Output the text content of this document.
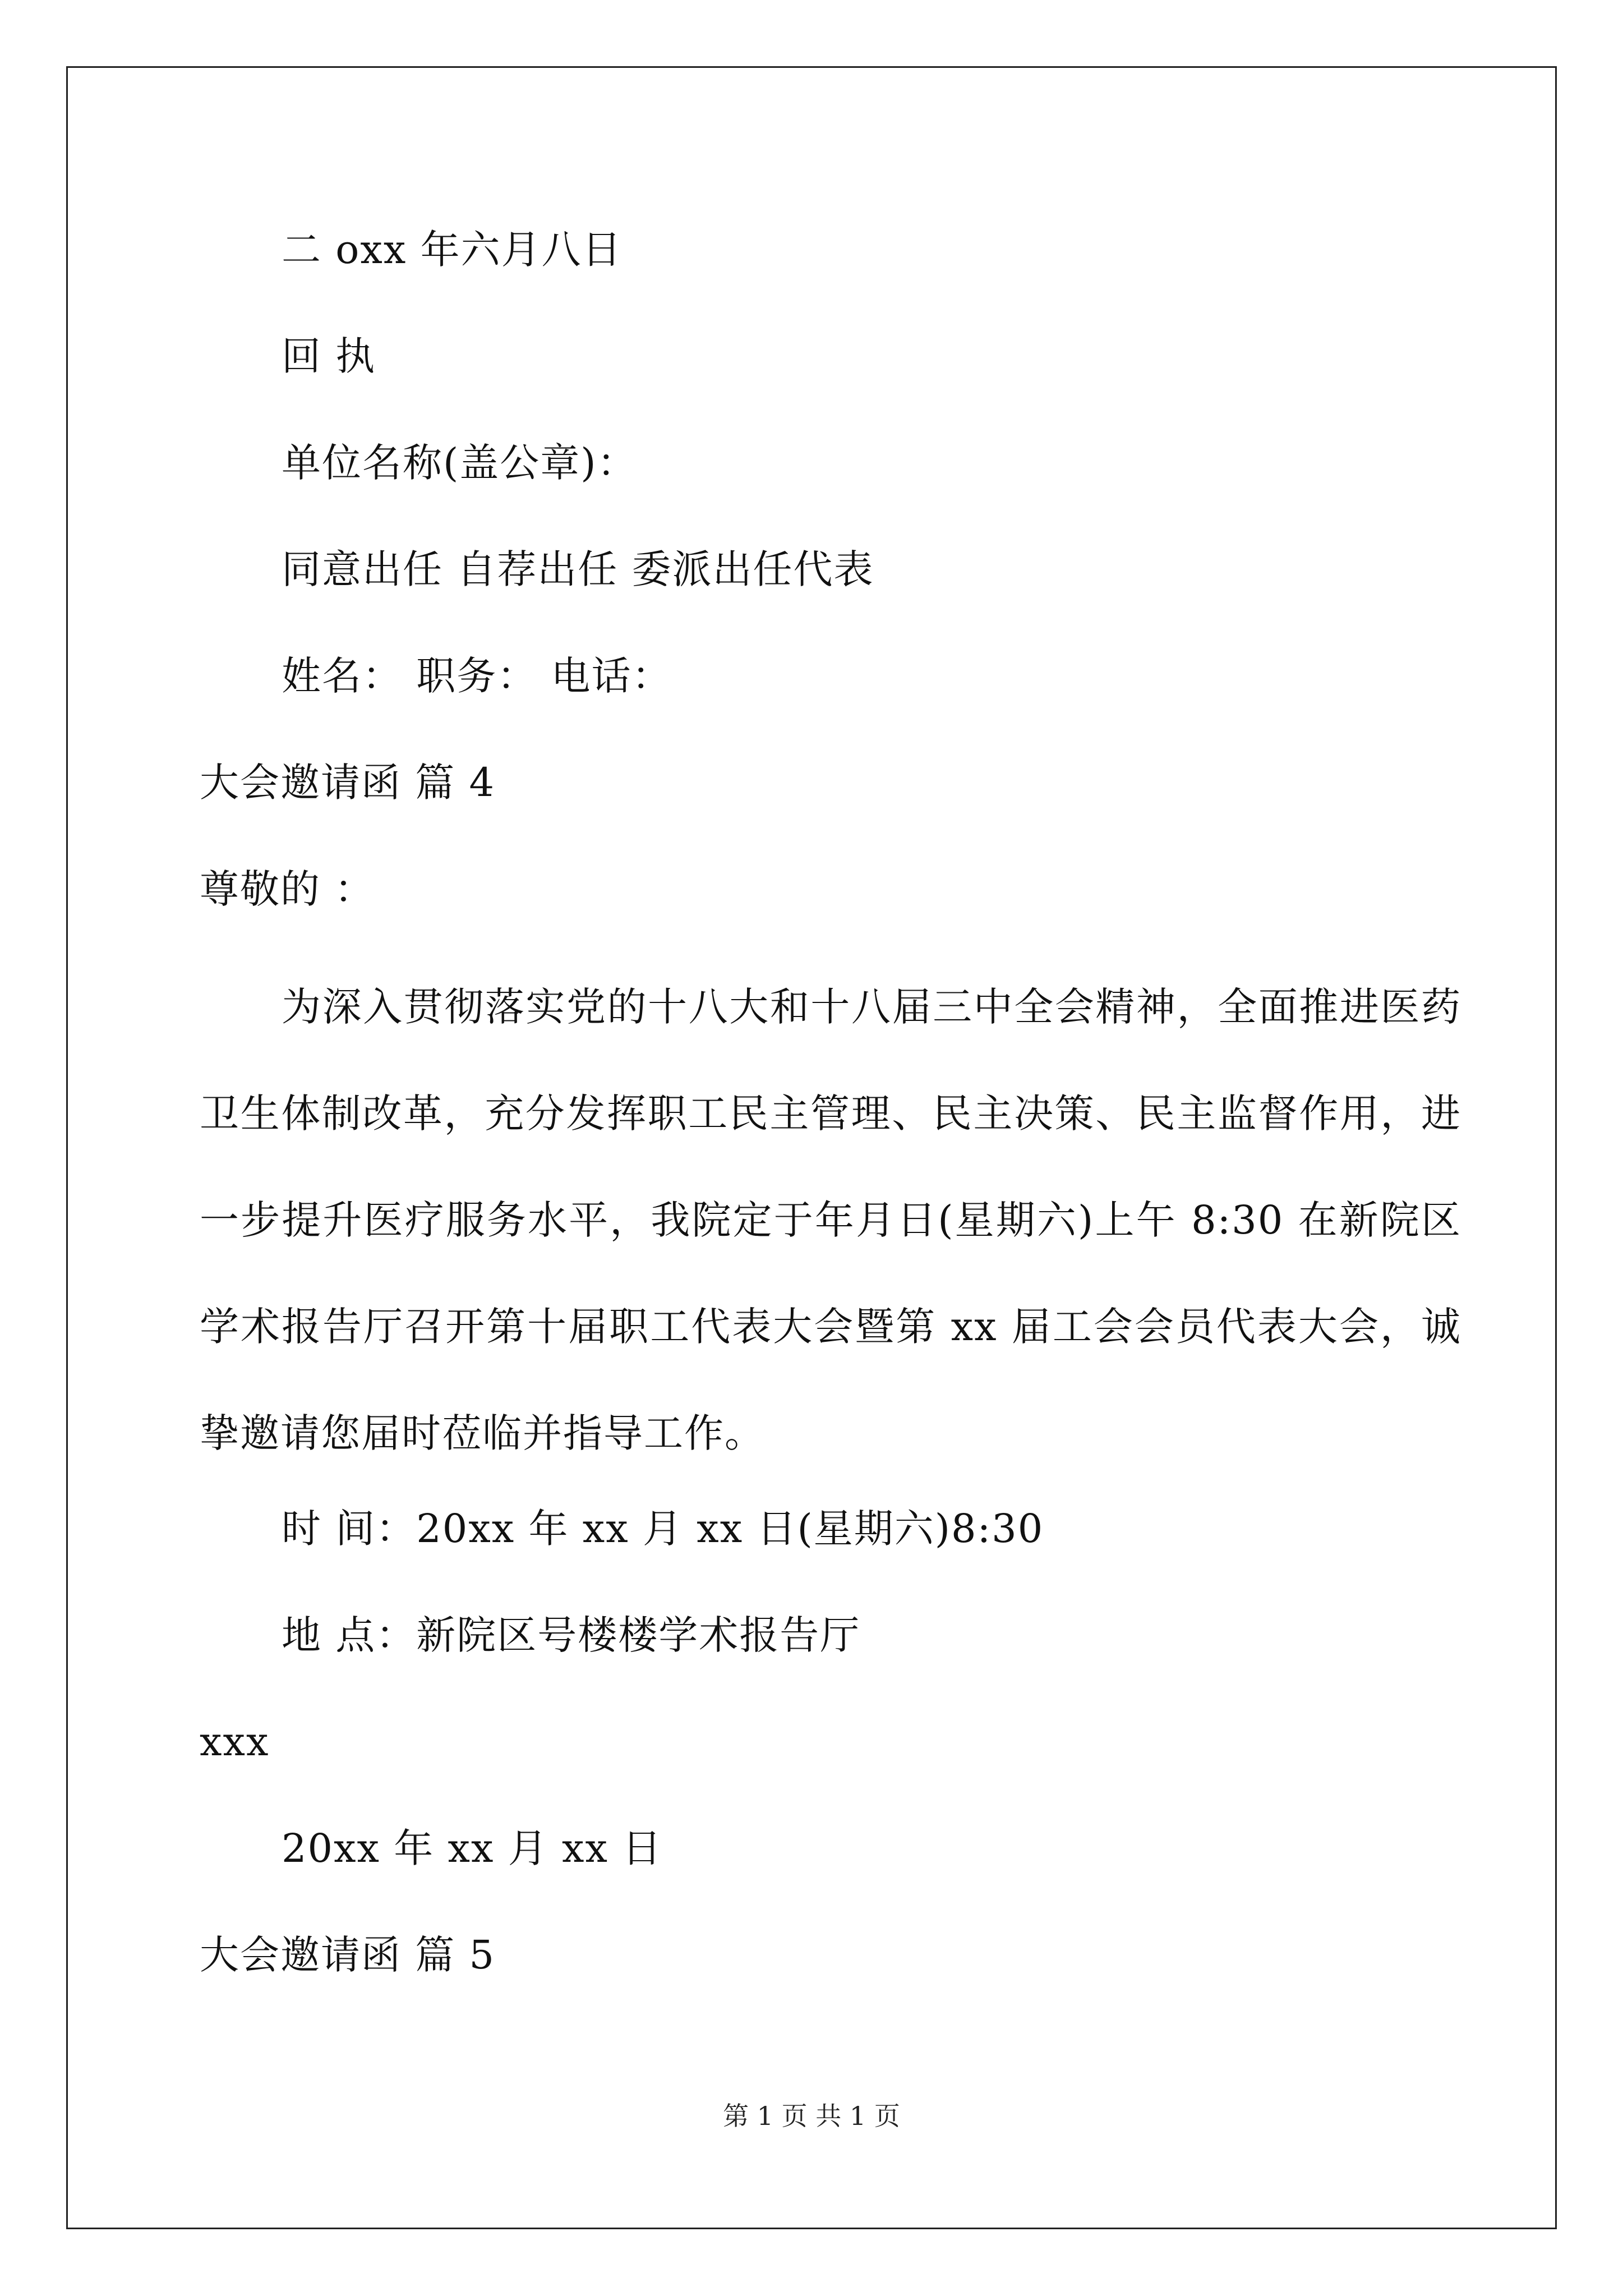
二 oxx 年六月八日
回 执
单位名称(盖公章)：
同意出任 自荐出任 委派出任代表
姓名： 职务： 电话：
大会邀请函 篇 4
尊敬的 ：
为深入贯彻落实党的十八大和十八届三中全会精神，全面推进医药卫生体制改革，充分发挥职工民主管理、民主决策、民主监督作用，进一步提升医疗服务水平，我院定于年月日(星期六)上午 8:30 在新院区学术报告厅召开第十届职工代表大会暨第 xx 届工会会员代表大会，诚挚邀请您届时莅临并指导工作。
时 间：20xx 年 xx 月 xx 日(星期六)8:30
地 点：新院区号楼楼学术报告厅
xxx
20xx 年 xx 月 xx 日
大会邀请函 篇 5
第 1 页 共 1 页
